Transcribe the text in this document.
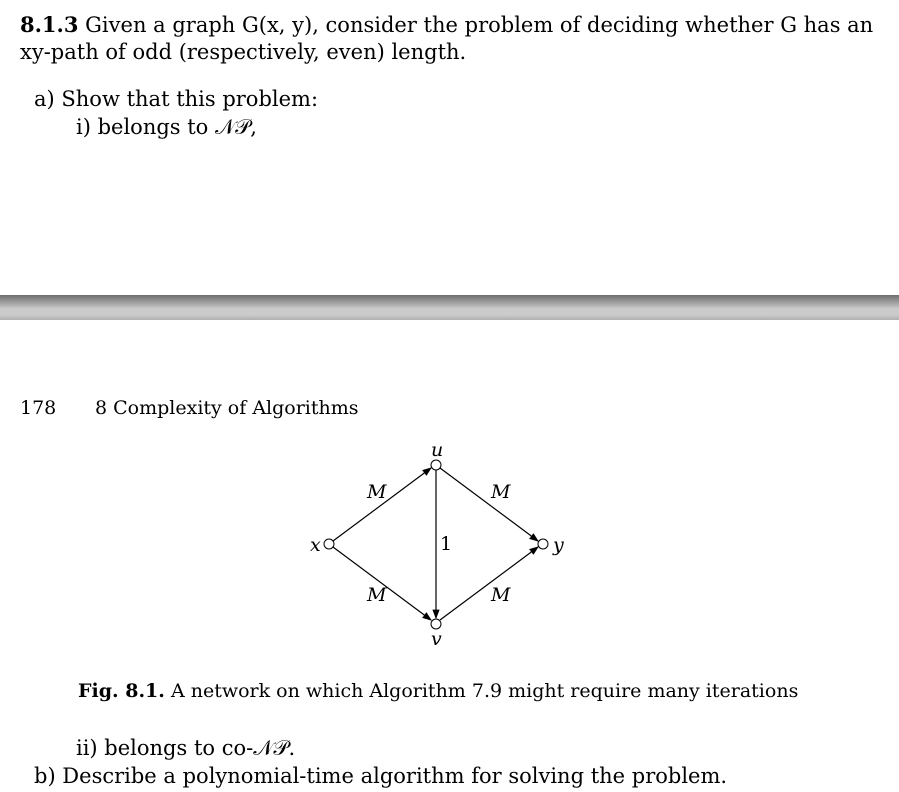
8.1.3 Given a graph G(x, y), consider the problem of deciding whether G has an
xy-path of odd (respectively, even) length.
a) Show that this problem:
i) belongs to 𝒩𝒫,
178 8 Complexity of Algorithms
x
u
y
v
M	M
M	M
1
Fig. 8.1. A network on which Algorithm 7.9 might require many iterations
ii) belongs to co-𝒩𝒫.
b) Describe a polynomial-time algorithm for solving the problem.
